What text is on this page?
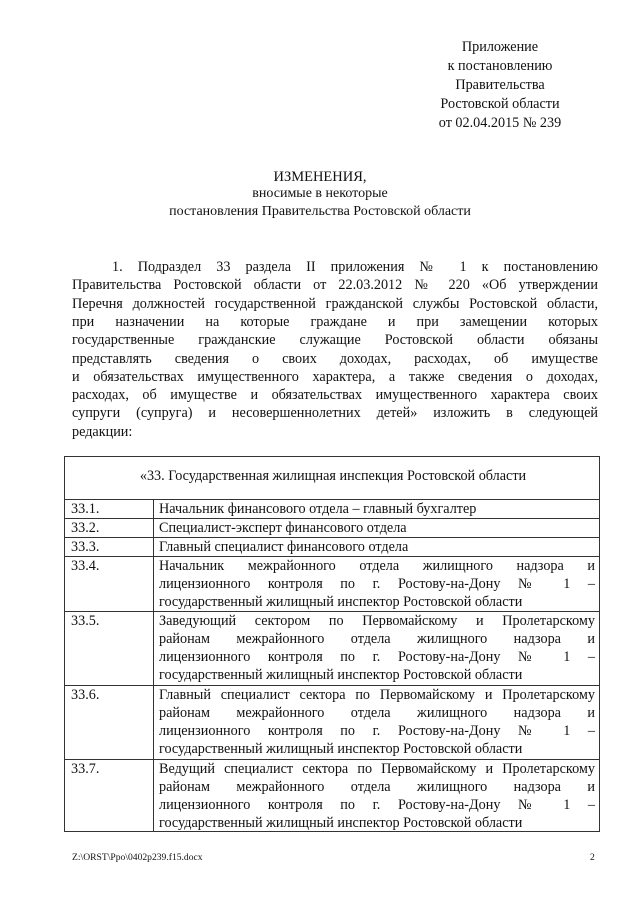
Приложение
к постановлению
Правительства
Ростовской области
от 02.04.2015 № 239
ИЗМЕНЕНИЯ,
вносимые в некоторые
постановления Правительства Ростовской области
1. Подраздел 33 раздела II приложения № 1 к постановлению
Правительства Ростовской области от 22.03.2012 № 220 «Об утверждении
Перечня должностей государственной гражданской службы Ростовской области,
при назначении на которые граждане и при замещении которых
государственные гражданские служащие Ростовской области обязаны
представлять сведения о своих доходах, расходах, об имуществе
и обязательствах имущественного характера, а также сведения о доходах,
расходах, об имуществе и обязательствах имущественного характера своих
супруги (супруга) и несовершеннолетних детей» изложить в следующей
редакции:
«33. Государственная жилищная инспекция Ростовской области
33.1.	Начальник финансового отдела – главный бухгалтер
33.2.	Специалист-эксперт финансового отдела
33.3.	Главный специалист финансового отдела
33.4.	Начальник межрайонного отдела жилищного надзора и
лицензионного контроля по г. Ростову-на-Дону № 1 –
государственный жилищный инспектор Ростовской области
33.5.	Заведующий сектором по Первомайскому и Пролетарскому
районам межрайонного отдела жилищного надзора и
лицензионного контроля по г. Ростову-на-Дону № 1 –
государственный жилищный инспектор Ростовской области
33.6.	Главный специалист сектора по Первомайскому и Пролетарскому
районам межрайонного отдела жилищного надзора и
лицензионного контроля по г. Ростову-на-Дону № 1 –
государственный жилищный инспектор Ростовской области
33.7.	Ведущий специалист сектора по Первомайскому и Пролетарскому
районам межрайонного отдела жилищного надзора и
лицензионного контроля по г. Ростову-на-Дону № 1 –
государственный жилищный инспектор Ростовской области
Z:\ORST\Ppo\0402p239.f15.docx	2
